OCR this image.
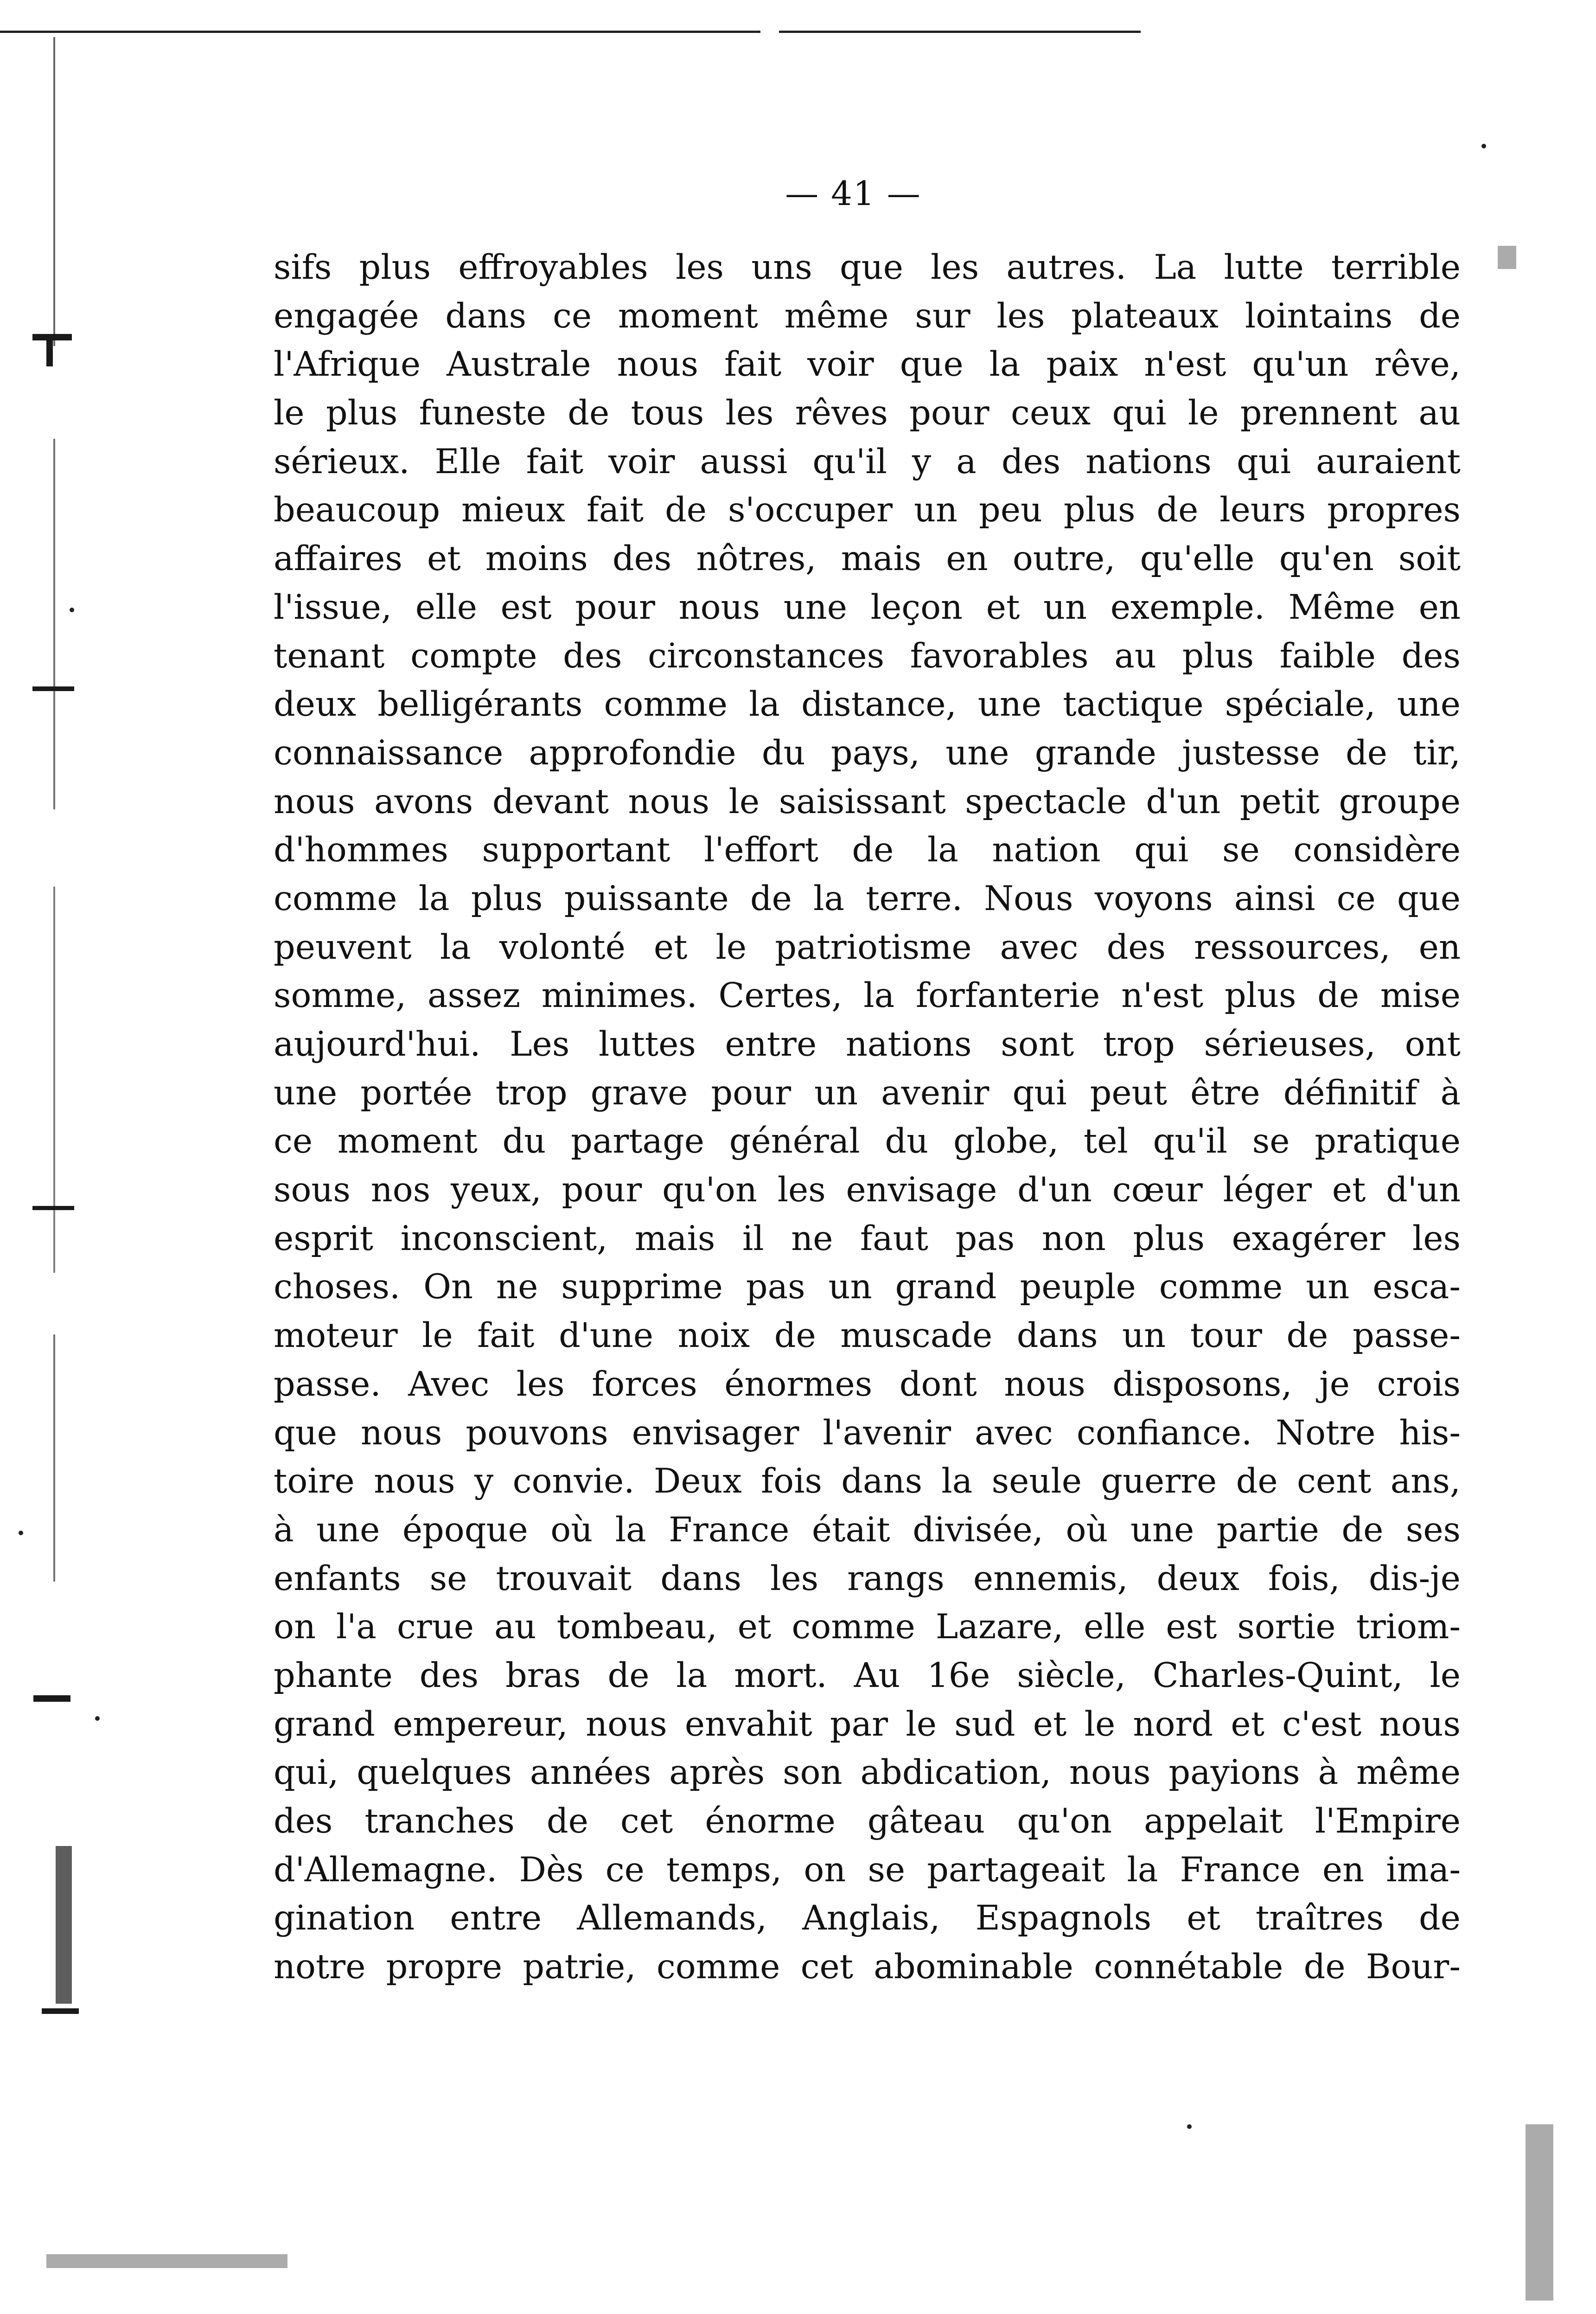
— 41 —
sifs plus effroyables les uns que les autres. La lutte terrible
engagée dans ce moment même sur les plateaux lointains de
l'Afrique Australe nous fait voir que la paix n'est qu'un rêve,
le plus funeste de tous les rêves pour ceux qui le prennent au
sérieux. Elle fait voir aussi qu'il y a des nations qui auraient
beaucoup mieux fait de s'occuper un peu plus de leurs propres
affaires et moins des nôtres, mais en outre, qu'elle qu'en soit
l'issue, elle est pour nous une leçon et un exemple. Même en
tenant compte des circonstances favorables au plus faible des
deux belligérants comme la distance, une tactique spéciale, une
connaissance approfondie du pays, une grande justesse de tir,
nous avons devant nous le saisissant spectacle d'un petit groupe
d'hommes supportant l'effort de la nation qui se considère
comme la plus puissante de la terre. Nous voyons ainsi ce que
peuvent la volonté et le patriotisme avec des ressources, en
somme, assez minimes. Certes, la forfanterie n'est plus de mise
aujourd'hui. Les luttes entre nations sont trop sérieuses, ont
une portée trop grave pour un avenir qui peut être définitif à
ce moment du partage général du globe, tel qu'il se pratique
sous nos yeux, pour qu'on les envisage d'un cœur léger et d'un
esprit inconscient, mais il ne faut pas non plus exagérer les
choses. On ne supprime pas un grand peuple comme un esca-
moteur le fait d'une noix de muscade dans un tour de passe-
passe. Avec les forces énormes dont nous disposons, je crois
que nous pouvons envisager l'avenir avec confiance. Notre his-
toire nous y convie. Deux fois dans la seule guerre de cent ans,
à une époque où la France était divisée, où une partie de ses
enfants se trouvait dans les rangs ennemis, deux fois, dis-je
on l'a crue au tombeau, et comme Lazare, elle est sortie triom-
phante des bras de la mort. Au 16e siècle, Charles-Quint, le
grand empereur, nous envahit par le sud et le nord et c'est nous
qui, quelques années après son abdication, nous payions à même
des tranches de cet énorme gâteau qu'on appelait l'Empire
d'Allemagne. Dès ce temps, on se partageait la France en ima-
gination entre Allemands, Anglais, Espagnols et traîtres de
notre propre patrie, comme cet abominable connétable de Bour-
